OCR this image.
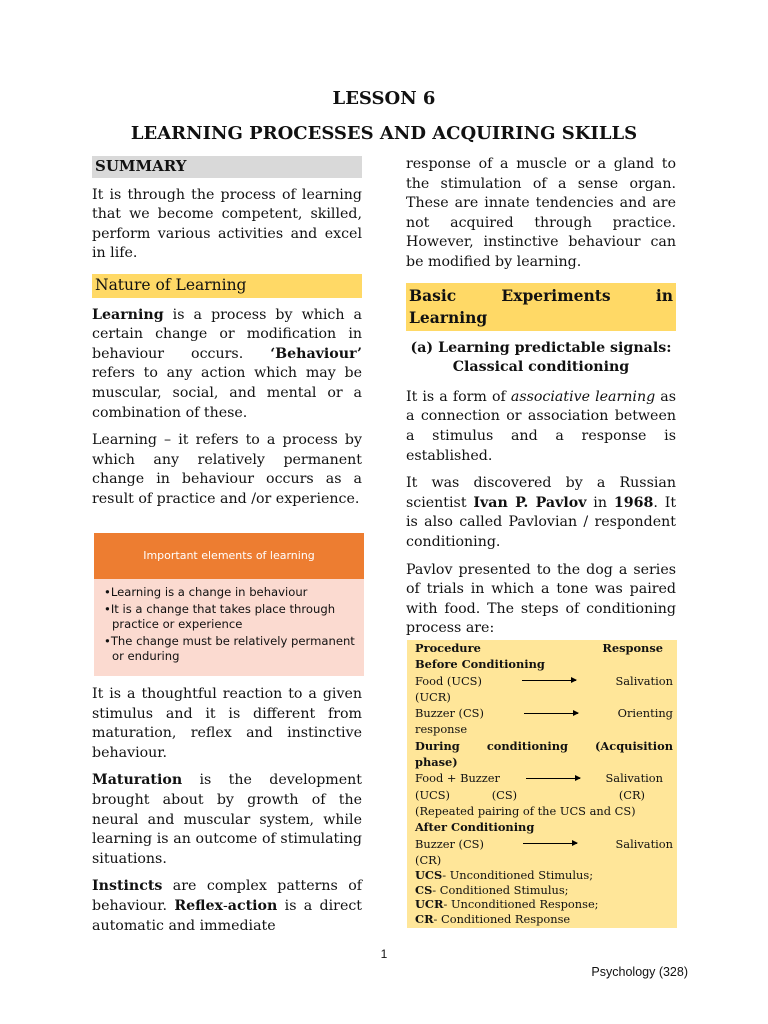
LESSON 6
LEARNING PROCESSES AND ACQUIRING SKILLS
SUMMARY

It is through the process of learning that we become competent, skilled, perform various activities and excel in life.

Nature of Learning

Learning is a process by which a certain change or modification in behaviour occurs. ‘Behaviour’ refers to any action which may be muscular, social, and mental or a combination of these.

Learning – it refers to a process by which any relatively permanent change in behaviour occurs as a result of practice and /or experience.

Important elements of learning
•Learning is a change in behaviour
•It is a change that takes place through practice or experience
•The change must be relatively permanent or enduring

It is a thoughtful reaction to a given stimulus and it is different from maturation, reflex and instinctive behaviour.

Maturation is the development brought about by growth of the neural and muscular system, while learning is an outcome of stimulating situations.

Instincts are complex patterns of behaviour. Reflex-action is a direct automatic and immediate

response of a muscle or a gland to the stimulation of a sense organ. These are innate tendencies and are not acquired through practice. However, instinctive behaviour can be modified by learning.

Basic	Experiments	in
Learning
(a) Learning predictable signals:
Classical conditioning

It is a form of associative learning as a connection or association between a stimulus and a response is established.

It was discovered by a Russian scientist Ivan P. Pavlov in 1968. It is also called Pavlovian / respondent conditioning.

Pavlov presented to the dog a series of trials in which a tone was paired with food. The steps of conditioning process are:

Procedure	Response
Before Conditioning
Food (UCS)	Salivation
(UCR)
Buzzer (CS)	Orienting
response
During conditioning (Acquisition
phase)
Food + Buzzer	Salivation
(UCS)	(CS)	(CR)
(Repeated pairing of the UCS and CS)
After Conditioning
Buzzer (CS)	Salivation
(CR)
UCS- Unconditioned Stimulus;
CS- Conditioned Stimulus;
UCR- Unconditioned Response;
CR- Conditioned Response
1
Psychology (328)
